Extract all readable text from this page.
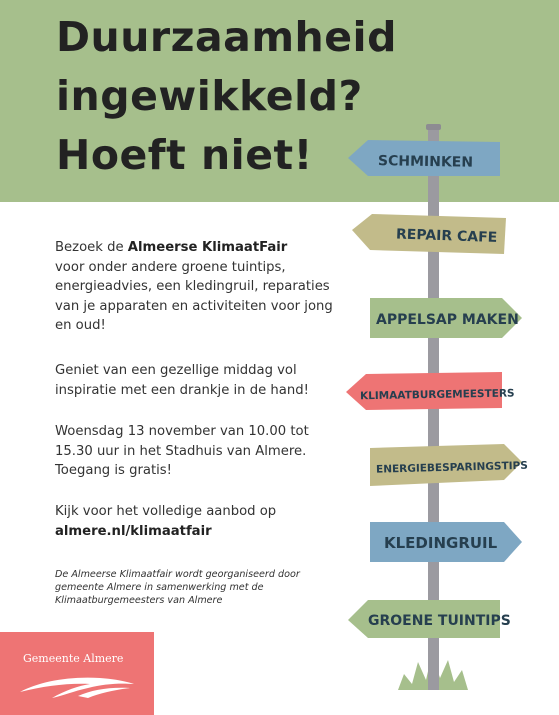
Duurzaamheid
ingewikkeld?
Hoeft niet!

Bezoek de Almeerse KlimaatFair
voor onder andere groene tuintips, energieadvies, een kledingruil, reparaties van je apparaten en activiteiten voor jong en oud!

Geniet van een gezellige middag vol inspiratie met een drankje in de hand!

Woensdag 13 november van 10.00 tot 15.30 uur in het Stadhuis van Almere. Toegang is gratis!

Kijk voor het volledige aanbod op
almere.nl/klimaatfair

De Almeerse Klimaatfair wordt georganiseerd door gemeente Almere in samenwerking met de Klimaatburgemeesters van Almere

Gemeente Almere
SCHMINKEN
REPAIR CAFE
APPELSAP MAKEN
KLIMAATBURGEMEESTERS
ENERGIEBESPARINGSTIPS
KLEDINGRUIL
GROENE TUINTIPS
